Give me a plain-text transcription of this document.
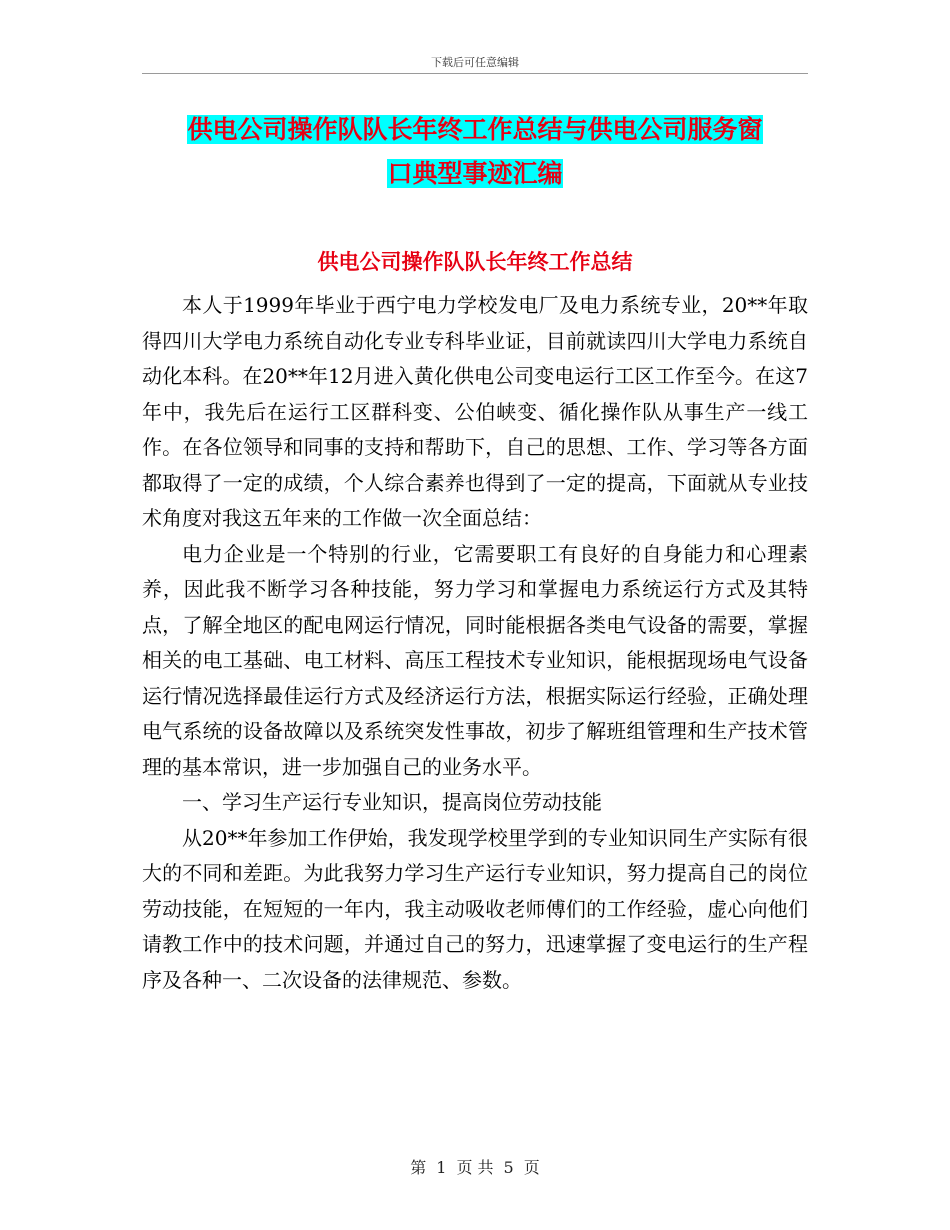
下载后可任意编辑
供电公司操作队队长年终工作总结与供电公司服务窗
口典型事迹汇编
供电公司操作队队长年终工作总结

本人于1999年毕业于西宁电力学校发电厂及电力系统专业，20**年取得四川大学电力系统自动化专业专科毕业证，目前就读四川大学电力系统自动化本科。在20**年12月进入黄化供电公司变电运行工区工作至今。在这7年中，我先后在运行工区群科变、公伯峡变、循化操作队从事生产一线工作。在各位领导和同事的支持和帮助下，自己的思想、工作、学习等各方面都取得了一定的成绩，个人综合素养也得到了一定的提高，下面就从专业技术角度对我这五年来的工作做一次全面总结：

电力企业是一个特别的行业，它需要职工有良好的自身能力和心理素养，因此我不断学习各种技能，努力学习和掌握电力系统运行方式及其特点，了解全地区的配电网运行情况，同时能根据各类电气设备的需要，掌握相关的电工基础、电工材料、高压工程技术专业知识，能根据现场电气设备运行情况选择最佳运行方式及经济运行方法，根据实际运行经验，正确处理电气系统的设备故障以及系统突发性事故，初步了解班组管理和生产技术管理的基本常识，进一步加强自己的业务水平。

一、学习生产运行专业知识，提高岗位劳动技能

从20**年参加工作伊始，我发现学校里学到的专业知识同生产实际有很大的不同和差距。为此我努力学习生产运行专业知识，努力提高自己的岗位劳动技能，在短短的一年内，我主动吸收老师傅们的工作经验，虚心向他们请教工作中的技术问题，并通过自己的努力，迅速掌握了变电运行的生产程序及各种一、二次设备的法律规范、参数。

第 1 页 共 5 页
